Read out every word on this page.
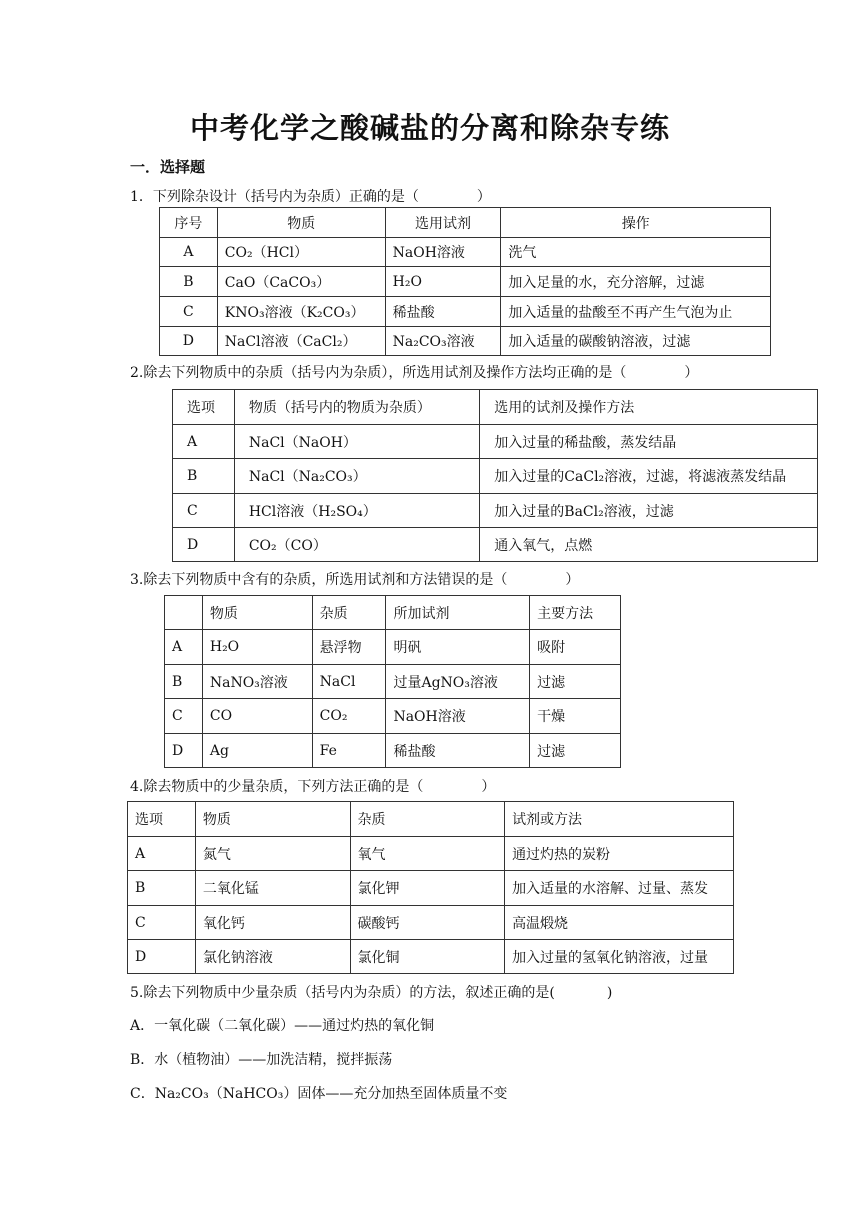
中考化学之酸碱盐的分离和除杂专练
一．选择题
1．下列除杂设计（括号内为杂质）正确的是（	）
序号	物质	选用试剂	操作
A	CO₂（HCl）	NaOH溶液	洗气
B	CaO（CaCO₃）	H₂O	加入足量的水，充分溶解，过滤
C	KNO₃溶液（K₂CO₃）	稀盐酸	加入适量的盐酸至不再产生气泡为止
D	NaCl溶液（CaCl₂）	Na₂CO₃溶液	加入适量的碳酸钠溶液，过滤
2.除去下列物质中的杂质（括号内为杂质），所选用试剂及操作方法均正确的是（	）
选项	物质（括号内的物质为杂质）	选用的试剂及操作方法
A	NaCl（NaOH）	加入过量的稀盐酸，蒸发结晶
B	NaCl（Na₂CO₃）	加入过量的CaCl₂溶液，过滤，将滤液蒸发结晶
C	HCl溶液（H₂SO₄）	加入过量的BaCl₂溶液，过滤
D	CO₂（CO）	通入氧气，点燃
3.除去下列物质中含有的杂质，所选用试剂和方法错误的是（	）
	物质	杂质	所加试剂	主要方法
A	H₂O	悬浮物	明矾	吸附
B	NaNO₃溶液	NaCl	过量AgNO₃溶液	过滤
C	CO	CO₂	NaOH溶液	干燥
D	Ag	Fe	稀盐酸	过滤
4.除去物质中的少量杂质，下列方法正确的是（	）
选项	物质	杂质	试剂或方法
A	氮气	氧气	通过灼热的炭粉
B	二氧化锰	氯化钾	加入适量的水溶解、过量、蒸发
C	氧化钙	碳酸钙	高温煅烧
D	氯化钠溶液	氯化铜	加入过量的氢氧化钠溶液，过量
5.除去下列物质中少量杂质（括号内为杂质）的方法，叙述正确的是(	)
A．一氧化碳（二氧化碳）——通过灼热的氧化铜
B．水（植物油）——加洗洁精，搅拌振荡
C．Na₂CO₃（NaHCO₃）固体——充分加热至固体质量不变
